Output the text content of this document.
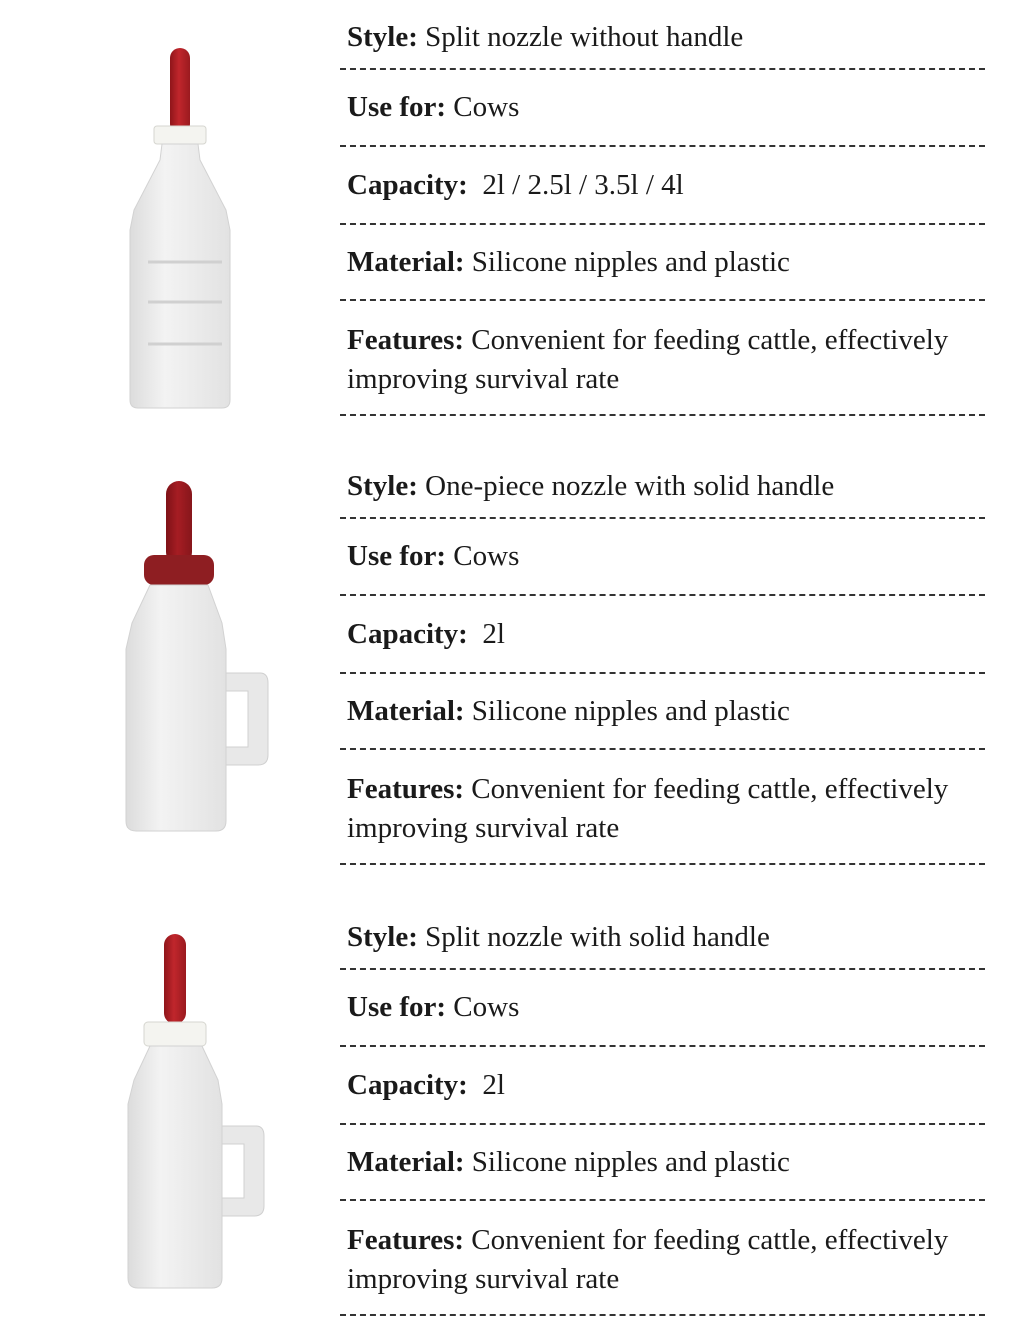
Style: Split nozzle without handle
Use for: Cows
Capacity:  2l / 2.5l / 3.5l / 4l
Material: Silicone nipples and plastic
Features: Convenient for feeding cattle, effectively improving survival rate
Style: One-piece nozzle with solid handle
Use for: Cows
Capacity:  2l
Material: Silicone nipples and plastic
Features: Convenient for feeding cattle, effectively improving survival rate
Style: Split nozzle with solid handle
Use for: Cows
Capacity:  2l
Material: Silicone nipples and plastic
Features: Convenient for feeding cattle, effectively improving survival rate
